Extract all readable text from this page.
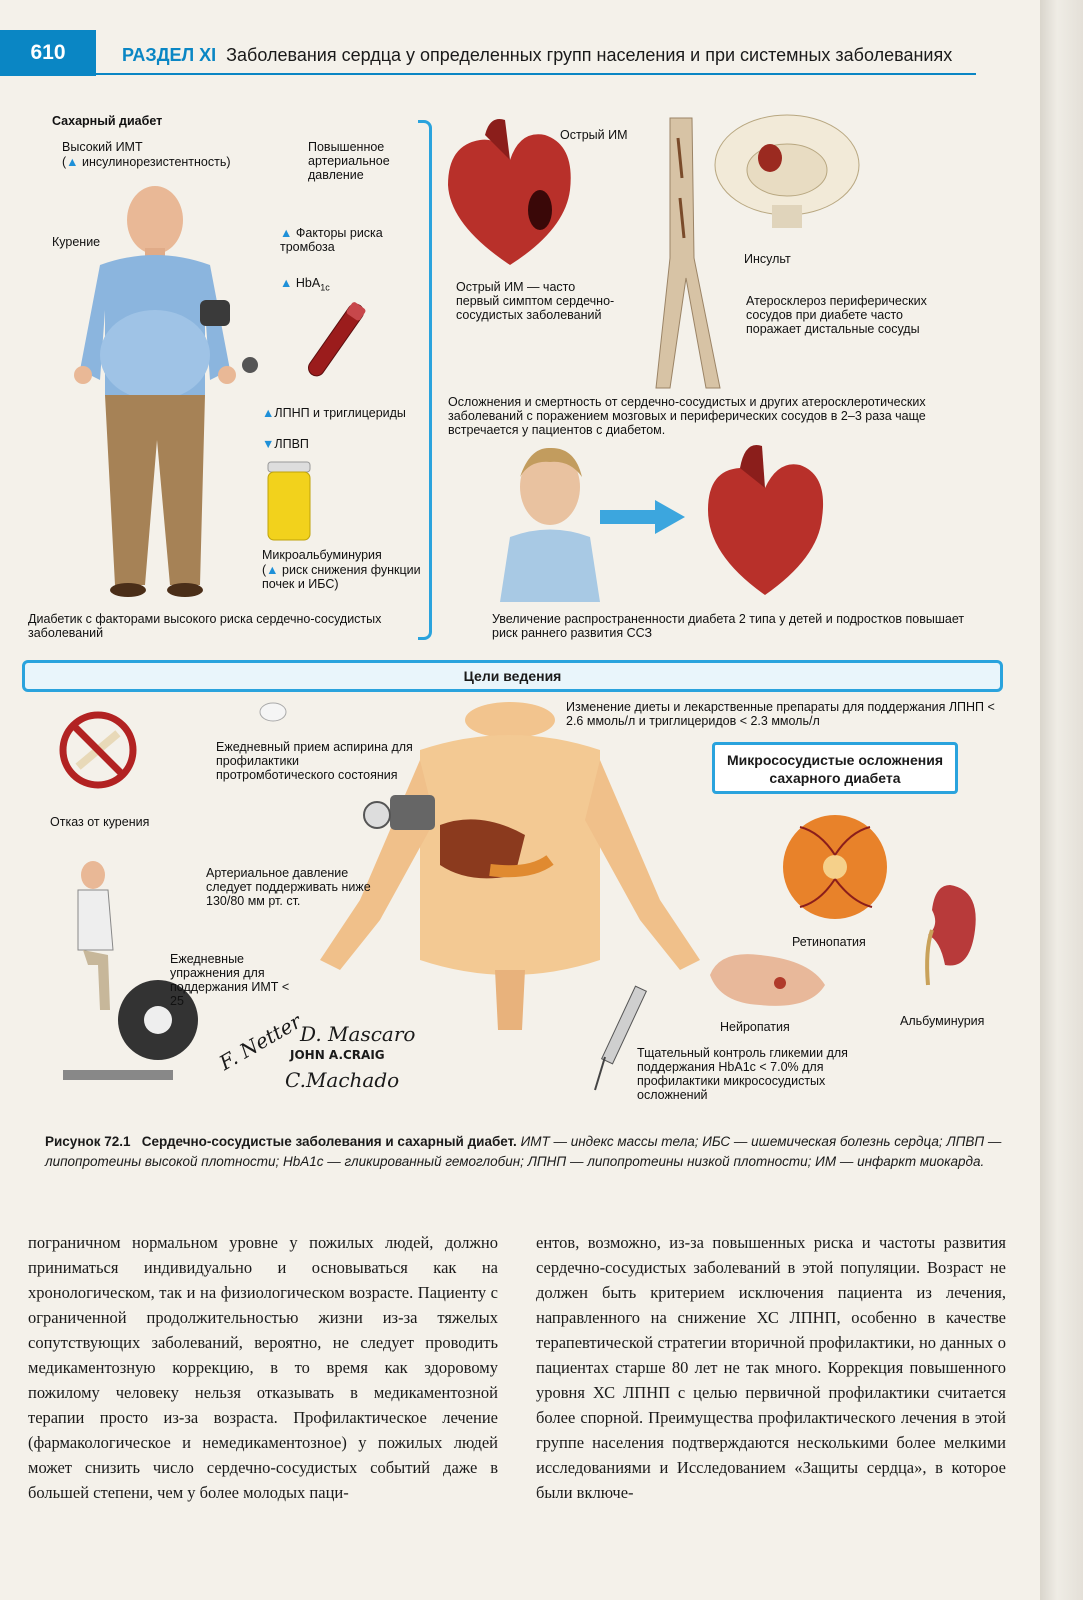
610	РАЗДЕЛ XI Заболевания сердца у определенных групп населения и при системных заболеваниях
Сахарный диабет
Высокий ИМТ
(▲ инсулинорезистентность)
Курение
Повышенное артериальное давление
▲ Факторы риска тромбоза
▲ HbA$_{1c}$
▲ЛПНП и триглицериды
▼ЛПВП
Микроальбуминурия
(▲ риск снижения функции почек и ИБС)
Диабетик с факторами высокого риска сердечно-сосудистых заболеваний
Острый ИМ
Острый ИМ — часто первый симптом сердечно-сосудистых заболеваний
Инсульт
Атеросклероз периферических сосудов при диабете часто поражает дистальные сосуды
Осложнения и смертность от сердечно-сосудистых и других атеросклеротических заболеваний с поражением мозговых и периферических сосудов в 2–3 раза чаще встречается у пациентов с диабетом.
Увеличение распространенности диабета 2 типа у детей и подростков повышает риск раннего развития ССЗ
Цели ведения
Отказ от курения
Ежедневный прием аспирина для профилактики протромботического состояния
Изменение диеты и лекарственные препараты для поддержания ЛПНП < 2.6 ммоль/л и триглицеридов < 2.3 ммоль/л
Микрососудистые осложнения сахарного диабета
Артериальное давление следует поддерживать ниже 130/80 мм рт. ст.
Ежедневные упражнения для поддержания ИМТ < 25
F. Netter
D. Mascaro
JOHN A.CRAIG
C.Machado
Тщательный контроль гликемии для поддержания HbA1c < 7.0% для профилактики микрососудистых осложнений
Ретинопатия
Нейропатия	Альбуминурия
Рисунок 72.1 Сердечно-сосудистые заболевания и сахарный диабет. ИМТ — индекс массы тела; ИБС — ишемическая болезнь сердца; ЛПВП — липопротеины высокой плотности; HbA1c — гликированный гемоглобин; ЛПНП — липопротеины низкой плотности; ИМ — инфаркт миокарда.

пограничном нормальном уровне у пожилых людей, должно приниматься индивидуально и основываться как на хронологическом, так и на физиологическом возрасте. Пациенту с ограниченной продолжительностью жизни из-за тяжелых сопутствующих заболеваний, вероятно, не следует проводить медикаментозную коррекцию, в то время как здоровому пожилому человеку нельзя отказывать в медикаментозной терапии просто из-за возраста. Профилактическое лечение (фармакологическое и немедикаментозное) у пожилых людей может снизить число сердечно-сосудистых событий даже в большей степени, чем у более молодых паци-

ентов, возможно, из-за повышенных риска и частоты развития сердечно-сосудистых заболеваний в этой популяции. Возраст не должен быть критерием исключения пациента из лечения, направленного на снижение ХС ЛПНП, особенно в качестве терапевтической стратегии вторичной профилактики, но данных о пациентах старше 80 лет не так много. Коррекция повышенного уровня ХС ЛПНП с целью первичной профилактики считается более спорной. Преимущества профилактического лечения в этой группе населения подтверждаются несколькими более мелкими исследованиями и Исследованием «Защиты сердца», в которое были включе-
